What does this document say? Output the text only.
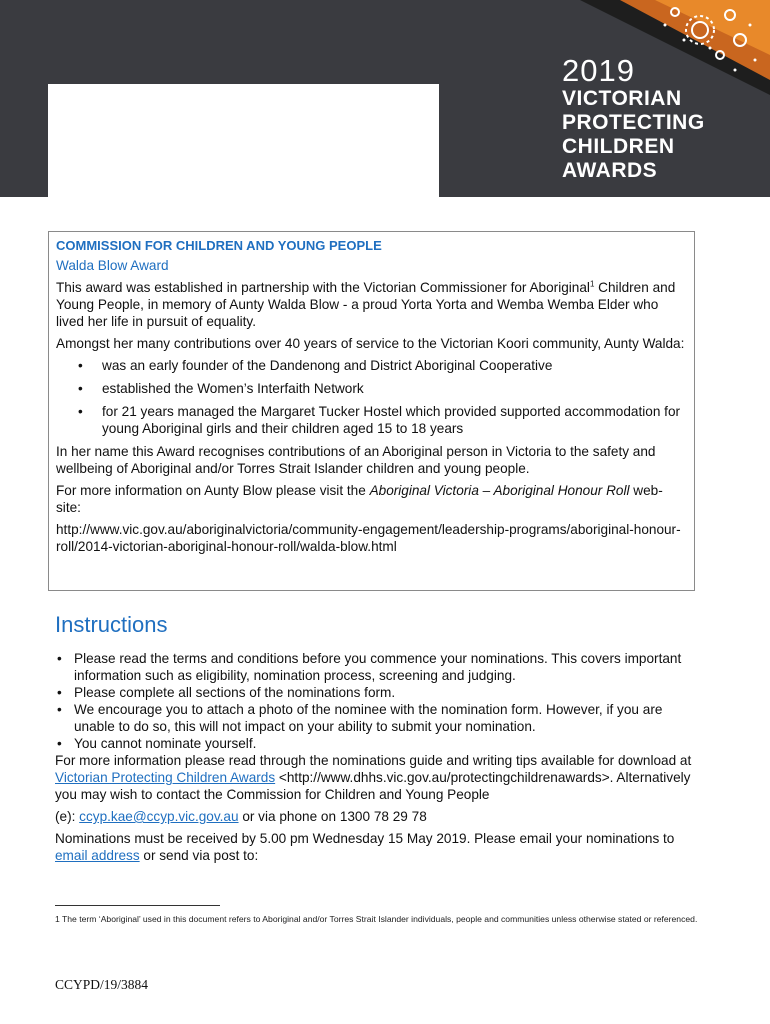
2019
VICTORIAN
PROTECTING
CHILDREN
AWARDS

COMMISSION FOR CHILDREN AND YOUNG PEOPLE

Walda Blow Award

This award was established in partnership with the Victorian Commissioner for Aboriginal$^1$ Children and Young People, in memory of Aunty Walda Blow - a proud Yorta Yorta and Wemba Wemba Elder who lived her life in pursuit of equality.

Amongst her many contributions over 40 years of service to the Victorian Koori community, Aunty Walda:

• was an early founder of the Dandenong and District Aboriginal Cooperative
• established the Women’s Interfaith Network
• for 21 years managed the Margaret Tucker Hostel which provided supported accommodation for young Aboriginal girls and their children aged 15 to 18 years

In her name this Award recognises contributions of an Aboriginal person in Victoria to the safety and wellbeing of Aboriginal and/or Torres Strait Islander children and young people.

For more information on Aunty Blow please visit the Aboriginal Victoria – Aboriginal Honour Roll web-site:

http://www.vic.gov.au/aboriginalvictoria/community-engagement/leadership-programs/aboriginal-honour-roll/2014-victorian-aboriginal-honour-roll/walda-blow.html

Instructions
• Please read the terms and conditions before you commence your nominations. This covers important information such as eligibility, nomination process, screening and judging.
• Please complete all sections of the nominations form.
• We encourage you to attach a photo of the nominee with the nomination form. However, if you are unable to do so, this will not impact on your ability to submit your nomination.
• You cannot nominate yourself.

For more information please read through the nominations guide and writing tips available for download at Victorian Protecting Children Awards <http://www.dhhs.vic.gov.au/protectingchildrenawards>. Alternatively you may wish to contact the Commission for Children and Young People

(e): ccyp.kae@ccyp.vic.gov.au or via phone on 1300 78 29 78

Nominations must be received by 5.00 pm Wednesday 15 May 2019. Please email your nominations to email address or send via post to:

1 The term ‘Aboriginal’ used in this document refers to Aboriginal and/or Torres Strait Islander individuals, people and communities unless otherwise stated or referenced.
CCYPD/19/3884
